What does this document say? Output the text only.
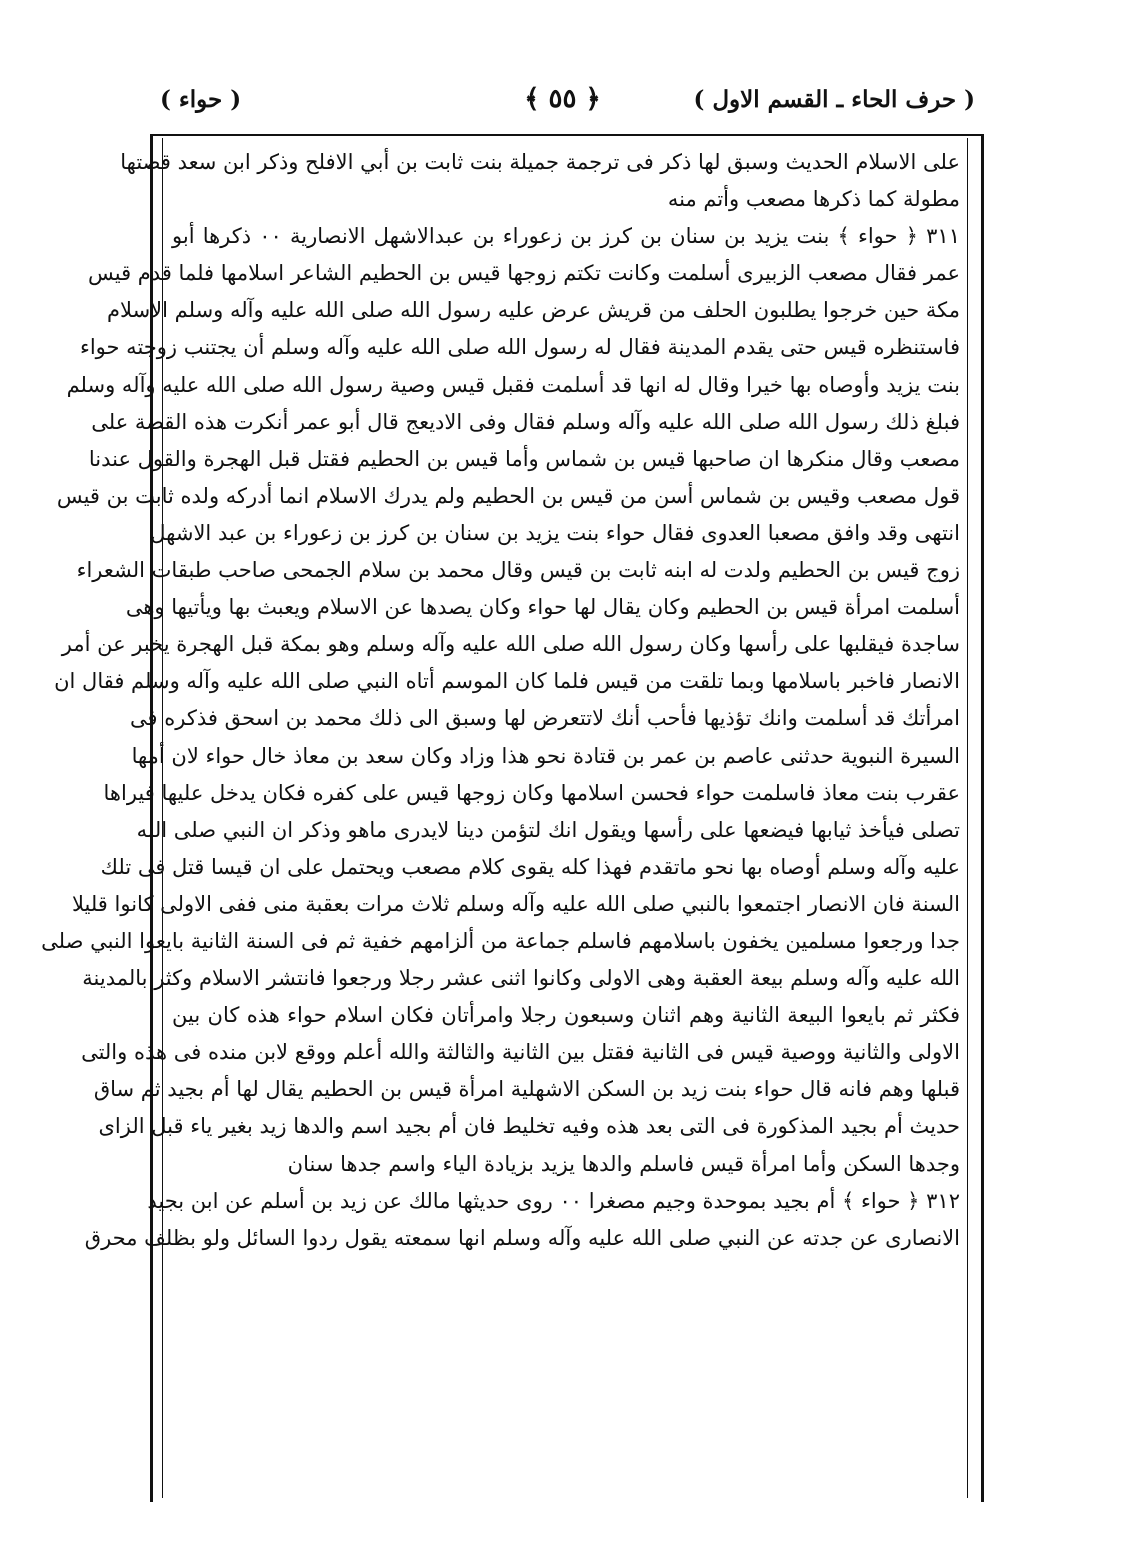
( حرف الحاء ـ القسم الاول )
﴿ ٥٥ ﴾
( حواء )
على الاسلام الحديث وسبق لها ذكر فى ترجمة جميلة بنت ثابت بن أبي الافلح وذكر ابن سعد قصتها
مطولة كما ذكرها مصعب وأتم منه
٣١١ ﴿ حواء ﴾ بنت يزيد بن سنان بن كرز بن زعوراء بن عبدالاشهل الانصارية ٠٠ ذكرها أبو
عمر فقال مصعب الزبيرى أسلمت وكانت تكتم زوجها قيس بن الحطيم الشاعر اسلامها فلما قدم قيس
مكة حين خرجوا يطلبون الحلف من قريش عرض عليه رسول الله صلى الله عليه وآله وسلم الاسلام
فاستنظره قيس حتى يقدم المدينة فقال له رسول الله صلى الله عليه وآله وسلم أن يجتنب زوجته حواء
بنت يزيد وأوصاه بها خيرا وقال له انها قد أسلمت فقبل قيس وصية رسول الله صلى الله عليه وآله وسلم
فبلغ ذلك رسول الله صلى الله عليه وآله وسلم فقال وفى الاديعج قال أبو عمر أنكرت هذه القصة على
مصعب وقال منكرها ان صاحبها قيس بن شماس وأما قيس بن الحطيم فقتل قبل الهجرة والقول عندنا
قول مصعب وقيس بن شماس أسن من قيس بن الحطيم ولم يدرك الاسلام انما أدركه ولده ثابت بن قيس
انتهى وقد وافق مصعبا العدوى فقال حواء بنت يزيد بن سنان بن كرز بن زعوراء بن عبد الاشهل
زوج قيس بن الحطيم ولدت له ابنه ثابت بن قيس وقال محمد بن سلام الجمحى صاحب طبقات الشعراء
أسلمت امرأة قيس بن الحطيم وكان يقال لها حواء وكان يصدها عن الاسلام ويعبث بها ويأتيها وهى
ساجدة فيقلبها على رأسها وكان رسول الله صلى الله عليه وآله وسلم وهو بمكة قبل الهجرة يخبر عن أمر
الانصار فاخبر باسلامها وبما تلقت من قيس فلما كان الموسم أتاه النبي صلى الله عليه وآله وسلم فقال ان
امرأتك قد أسلمت وانك تؤذيها فأحب أنك لاتتعرض لها وسبق الى ذلك محمد بن اسحق فذكره فى
السيرة النبوية حدثنى عاصم بن عمر بن قتادة نحو هذا وزاد وكان سعد بن معاذ خال حواء لان أمها
عقرب بنت معاذ فاسلمت حواء فحسن اسلامها وكان زوجها قيس على كفره فكان يدخل عليها فيراها
تصلى فيأخذ ثيابها فيضعها على رأسها ويقول انك لتؤمن دينا لايدرى ماهو وذكر ان النبي صلى الله
عليه وآله وسلم أوصاه بها نحو ماتقدم فهذا كله يقوى كلام مصعب ويحتمل على ان قيسا قتل فى تلك
السنة فان الانصار اجتمعوا بالنبي صلى الله عليه وآله وسلم ثلاث مرات بعقبة منى ففى الاولى كانوا قليلا
جدا ورجعوا مسلمين يخفون باسلامهم فاسلم جماعة من ألزامهم خفية ثم فى السنة الثانية بايعوا النبي صلى
الله عليه وآله وسلم بيعة العقبة وهى الاولى وكانوا اثنى عشر رجلا ورجعوا فانتشر الاسلام وكثر بالمدينة
فكثر ثم بايعوا البيعة الثانية وهم اثنان وسبعون رجلا وامرأتان فكان اسلام حواء هذه كان بين
الاولى والثانية ووصية قيس فى الثانية فقتل بين الثانية والثالثة والله أعلم ووقع لابن منده فى هذه والتى
قبلها وهم فانه قال حواء بنت زيد بن السكن الاشهلية امرأة قيس بن الحطيم يقال لها أم بجيد ثم ساق
حديث أم بجيد المذكورة فى التى بعد هذه وفيه تخليط فان أم بجيد اسم والدها زيد بغير ياء قبل الزاى
وجدها السكن وأما امرأة قيس فاسلم والدها يزيد بزيادة الياء واسم جدها سنان
٣١٢ ﴿ حواء ﴾ أم بجيد بموحدة وجيم مصغرا ٠٠ روى حديثها مالك عن زيد بن أسلم عن ابن بجيد
الانصارى عن جدته عن النبي صلى الله عليه وآله وسلم انها سمعته يقول ردوا السائل ولو بظلف محرق
